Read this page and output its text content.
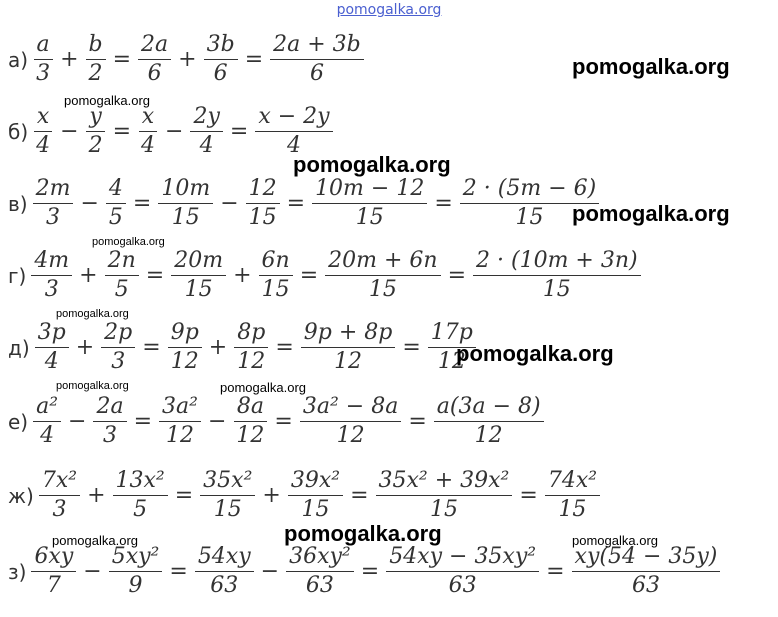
pomogalka.org
$а) \frac{a}{3} + \frac{b}{2} = \frac{2a}{6} + \frac{3b}{6} = \frac{2a + 3b}{6}$
$б) \frac{x}{4} - \frac{y}{2} = \frac{x}{4} - \frac{2y}{4} = \frac{x - 2y}{4}$
$в) \frac{2m}{3} - \frac{4}{5} = \frac{10m}{15} - \frac{12}{15} = \frac{10m - 12}{15} = \frac{2 \cdot (5m - 6)}{15}$
$г) \frac{4m}{3} + \frac{2n}{5} = \frac{20m}{15} + \frac{6n}{15} = \frac{20m + 6n}{15} = \frac{2 \cdot (10m + 3n)}{15}$
$д) \frac{3p}{4} + \frac{2p}{3} = \frac{9p}{12} + \frac{8p}{12} = \frac{9p + 8p}{12} = \frac{17p}{12}$
$е) \frac{\text{a²}}{4} - \frac{2a}{3} = \frac{\text{3a²}}{12} - \frac{8a}{12} = \frac{\text{3a² − 8a}}{12} = \frac{a(3a - 8)}{12}$
$ж) \frac{\text{7x²}}{3} + \frac{\text{13x²}}{5} = \frac{\text{35x²}}{15} + \frac{\text{39x²}}{15} = \frac{\text{35x² + 39x²}}{15} = \frac{\text{74x²}}{15}$
$з) \frac{6xy}{7} - \frac{\text{5xy²}}{9} = \frac{54xy}{63} - \frac{\text{36xy²}}{63} = \frac{\text{54xy − 35xy²}}{63} = \frac{xy(54 - 35y)}{63}$
pomogalka.org
pomogalka.org
pomogalka.org
pomogalka.org
pomogalka.org
pomogalka.org
pomogalka.org
pomogalka.org	pomogalka.org
pomogalka.org
pomogalka.org	pomogalka.org
